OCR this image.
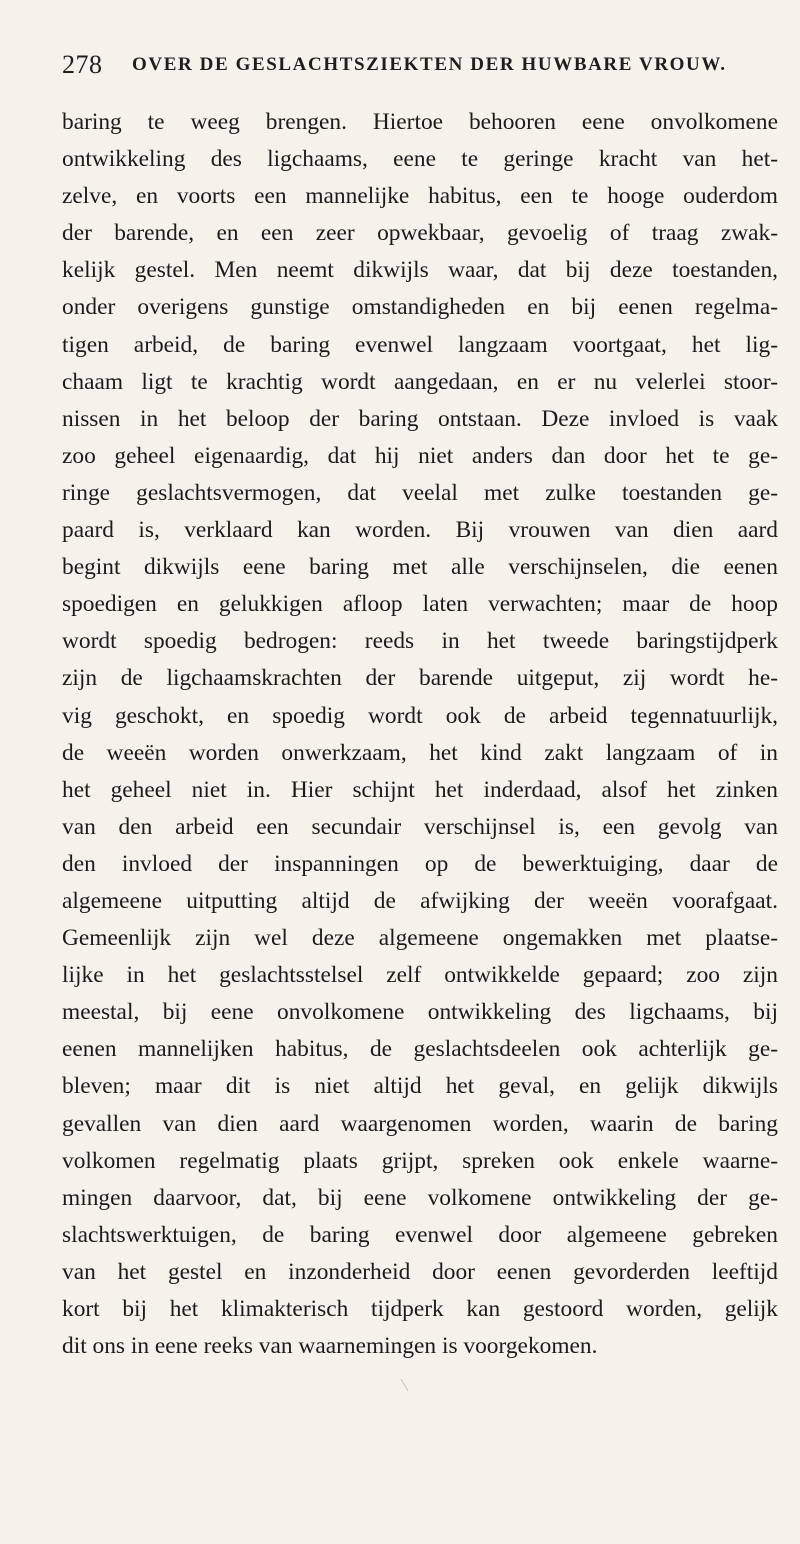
278 OVER DE GESLACHTSZIEKTEN DER HUWBARE VROUW.
baring te weeg brengen. Hiertoe behooren eene onvolkomene
ontwikkeling des ligchaams, eene te geringe kracht van het-
zelve, en voorts een mannelijke habitus, een te hooge ouderdom
der barende, en een zeer opwekbaar, gevoelig of traag zwak-
kelijk gestel. Men neemt dikwijls waar, dat bij deze toestanden,
onder overigens gunstige omstandigheden en bij eenen regelma-
tigen arbeid, de baring evenwel langzaam voortgaat, het lig-
chaam ligt te krachtig wordt aangedaan, en er nu velerlei stoor-
nissen in het beloop der baring ontstaan. Deze invloed is vaak
zoo geheel eigenaardig, dat hij niet anders dan door het te ge-
ringe geslachtsvermogen, dat veelal met zulke toestanden ge-
paard is, verklaard kan worden. Bij vrouwen van dien aard
begint dikwijls eene baring met alle verschijnselen, die eenen
spoedigen en gelukkigen afloop laten verwachten; maar de hoop
wordt spoedig bedrogen: reeds in het tweede baringstijdperk
zijn de ligchaamskrachten der barende uitgeput, zij wordt he-
vig geschokt, en spoedig wordt ook de arbeid tegennatuurlijk,
de weeën worden onwerkzaam, het kind zakt langzaam of in
het geheel niet in. Hier schijnt het inderdaad, alsof het zinken
van den arbeid een secundair verschijnsel is, een gevolg van
den invloed der inspanningen op de bewerktuiging, daar de
algemeene uitputting altijd de afwijking der weeën voorafgaat.
Gemeenlijk zijn wel deze algemeene ongemakken met plaatse-
lijke in het geslachtsstelsel zelf ontwikkelde gepaard; zoo zijn
meestal, bij eene onvolkomene ontwikkeling des ligchaams, bij
eenen mannelijken habitus, de geslachtsdeelen ook achterlijk ge-
bleven; maar dit is niet altijd het geval, en gelijk dikwijls
gevallen van dien aard waargenomen worden, waarin de baring
volkomen regelmatig plaats grijpt, spreken ook enkele waarne-
mingen daarvoor, dat, bij eene volkomene ontwikkeling der ge-
slachtswerktuigen, de baring evenwel door algemeene gebreken
van het gestel en inzonderheid door eenen gevorderden leeftijd
kort bij het klimakterisch tijdperk kan gestoord worden, gelijk
dit ons in eene reeks van waarnemingen is voorgekomen.
